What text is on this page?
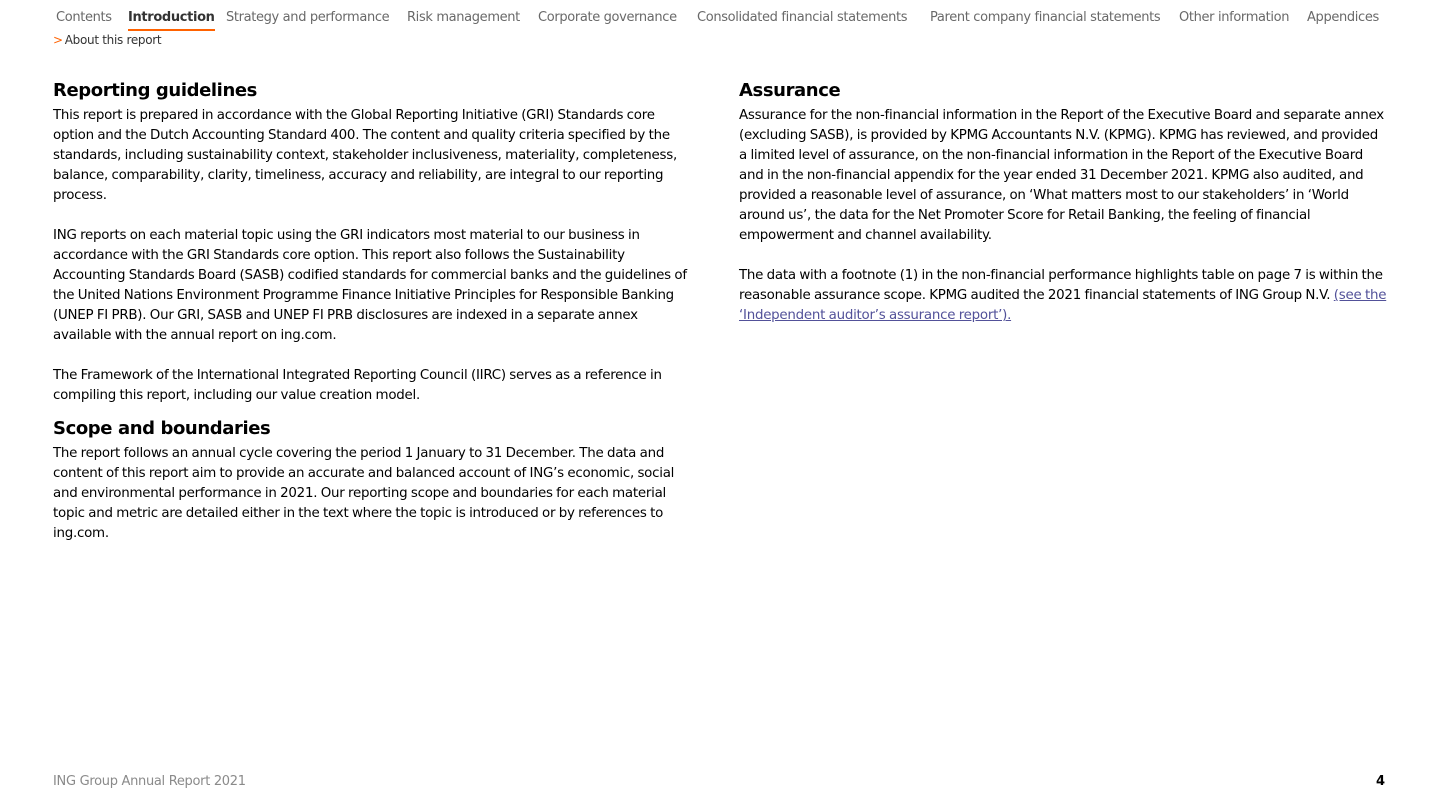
Contents Introduction Strategy and performance Risk management Corporate governance Consolidated financial statements Parent company financial statements Other information Appendices
> About this report
Reporting guidelines

This report is prepared in accordance with the Global Reporting Initiative (GRI) Standards core option and the Dutch Accounting Standard 400. The content and quality criteria specified by the standards, including sustainability context, stakeholder inclusiveness, materiality, completeness, balance, comparability, clarity, timeliness, accuracy and reliability, are integral to our reporting process.

ING reports on each material topic using the GRI indicators most material to our business in accordance with the GRI Standards core option. This report also follows the Sustainability Accounting Standards Board (SASB) codified standards for commercial banks and the guidelines of the United Nations Environment Programme Finance Initiative Principles for Responsible Banking (UNEP FI PRB). Our GRI, SASB and UNEP FI PRB disclosures are indexed in a separate annex available with the annual report on ing.com.

The Framework of the International Integrated Reporting Council (IIRC) serves as a reference in compiling this report, including our value creation model.

Scope and boundaries

The report follows an annual cycle covering the period 1 January to 31 December. The data and content of this report aim to provide an accurate and balanced account of ING’s economic, social and environmental performance in 2021. Our reporting scope and boundaries for each material topic and metric are detailed either in the text where the topic is introduced or by references to ing.com.

Assurance

Assurance for the non-financial information in the Report of the Executive Board and separate annex (excluding SASB), is provided by KPMG Accountants N.V. (KPMG). KPMG has reviewed, and provided a limited level of assurance, on the non-financial information in the Report of the Executive Board and in the non-financial appendix for the year ended 31 December 2021. KPMG also audited, and provided a reasonable level of assurance, on ‘What matters most to our stakeholders’ in ‘World around us’, the data for the Net Promoter Score for Retail Banking, the feeling of financial empowerment and channel availability.

The data with a footnote (1) in the non-financial performance highlights table on page 7 is within the reasonable assurance scope. KPMG audited the 2021 financial statements of ING Group N.V. (see the ‘Independent auditor’s assurance report’).

ING Group Annual Report 2021	4
